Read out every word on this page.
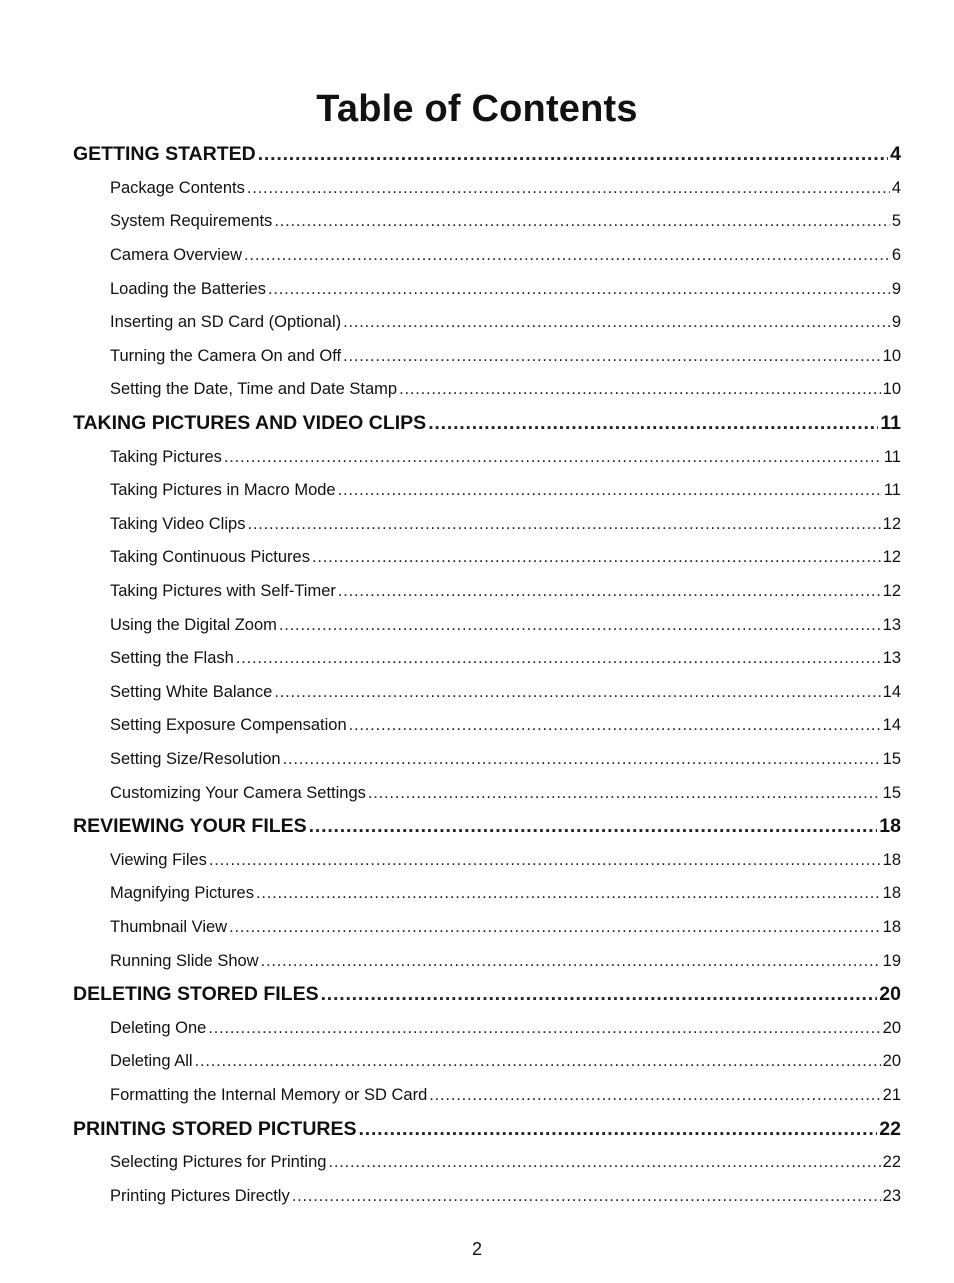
Table of Contents
GETTING STARTED .....	4
Package Contents .....	4
System Requirements .....	5
Camera Overview .....	6
Loading the Batteries .....	9
Inserting an SD Card (Optional) .....	9
Turning the Camera On and Off .....	10
Setting the Date, Time and Date Stamp .....	10
TAKING PICTURES AND VIDEO CLIPS .....	11
Taking Pictures .....	11
Taking Pictures in Macro Mode .....	11
Taking Video Clips .....	12
Taking Continuous Pictures .....	12
Taking Pictures with Self-Timer .....	12
Using the Digital Zoom .....	13
Setting the Flash .....	13
Setting White Balance .....	14
Setting Exposure Compensation .....	14
Setting Size/Resolution .....	15
Customizing Your Camera Settings .....	15
REVIEWING YOUR FILES .....	18
Viewing Files .....	18
Magnifying Pictures .....	18
Thumbnail View .....	18
Running Slide Show .....	19
DELETING STORED FILES .....	20
Deleting One .....	20
Deleting All .....	20
Formatting the Internal Memory or SD Card .....	21
PRINTING STORED PICTURES .....	22
Selecting Pictures for Printing .....	22
Printing Pictures Directly .....	23
2
